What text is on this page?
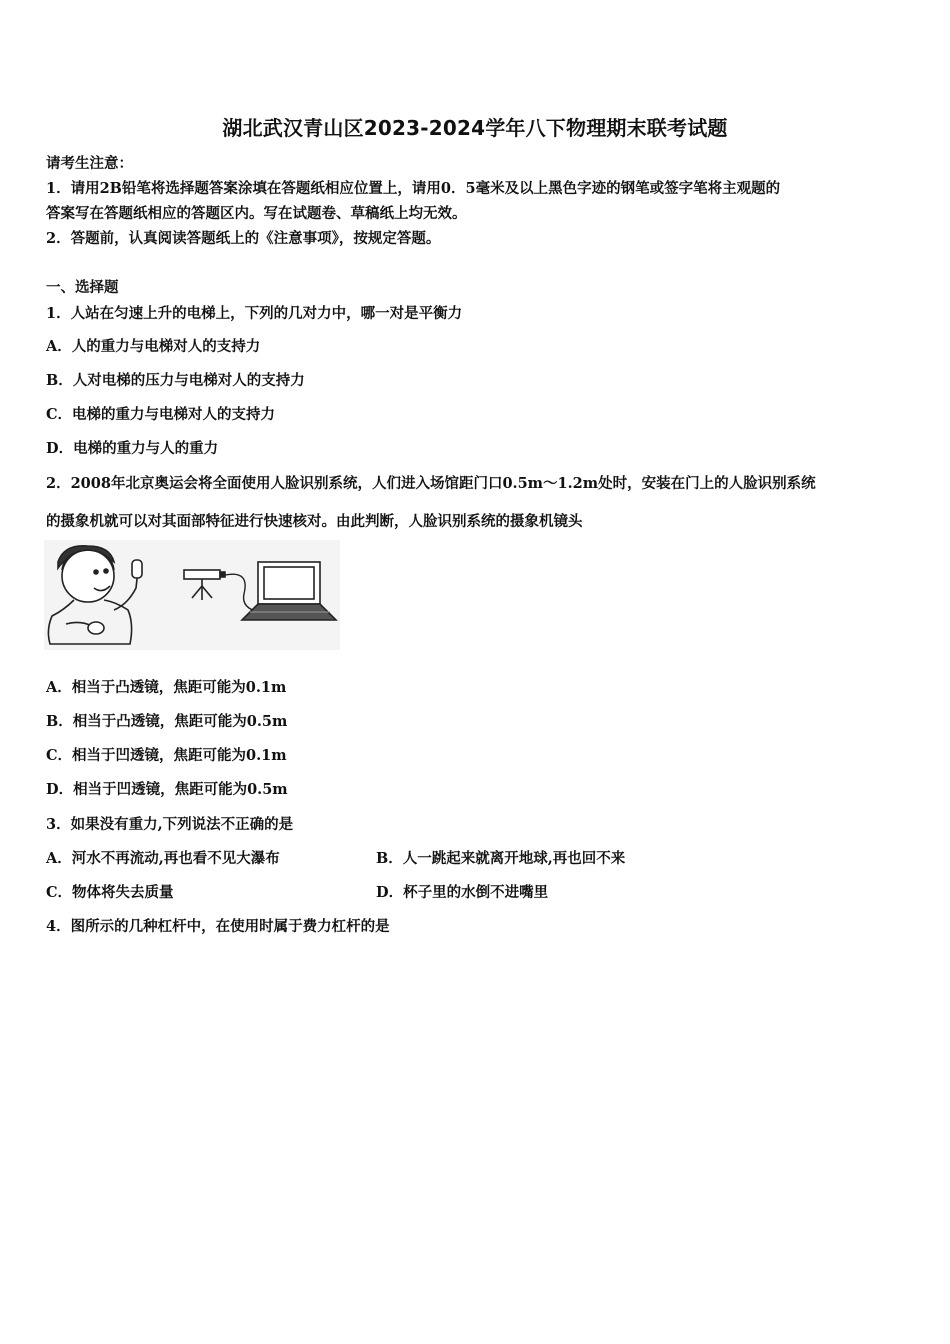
湖北武汉青山区2023-2024学年八下物理期末联考试题
请考生注意：
1．请用2B铅笔将选择题答案涂填在答题纸相应位置上，请用0．5毫米及以上黑色字迹的钢笔或签字笔将主观题的
答案写在答题纸相应的答题区内。写在试题卷、草稿纸上均无效。
2．答题前，认真阅读答题纸上的《注意事项》，按规定答题。
一、选择题
1．人站在匀速上升的电梯上，下列的几对力中，哪一对是平衡力
A．人的重力与电梯对人的支持力
B．人对电梯的压力与电梯对人的支持力
C．电梯的重力与电梯对人的支持力
D．电梯的重力与人的重力
2．2008年北京奥运会将全面使用人脸识别系统，人们进入场馆距门口0.5m～1.2m处时，安装在门上的人脸识别系统
的摄象机就可以对其面部特征进行快速核对。由此判断，人脸识别系统的摄象机镜头
A．相当于凸透镜，焦距可能为0.1m
B．相当于凸透镜，焦距可能为0.5m
C．相当于凹透镜，焦距可能为0.1m
D．相当于凹透镜，焦距可能为0.5m
3．如果没有重力,下列说法不正确的是
A．河水不再流动,再也看不见大瀑布	B．人一跳起来就离开地球,再也回不来
C．物体将失去质量	D．杯子里的水倒不进嘴里
4．图所示的几种杠杆中，在使用时属于费力杠杆的是
